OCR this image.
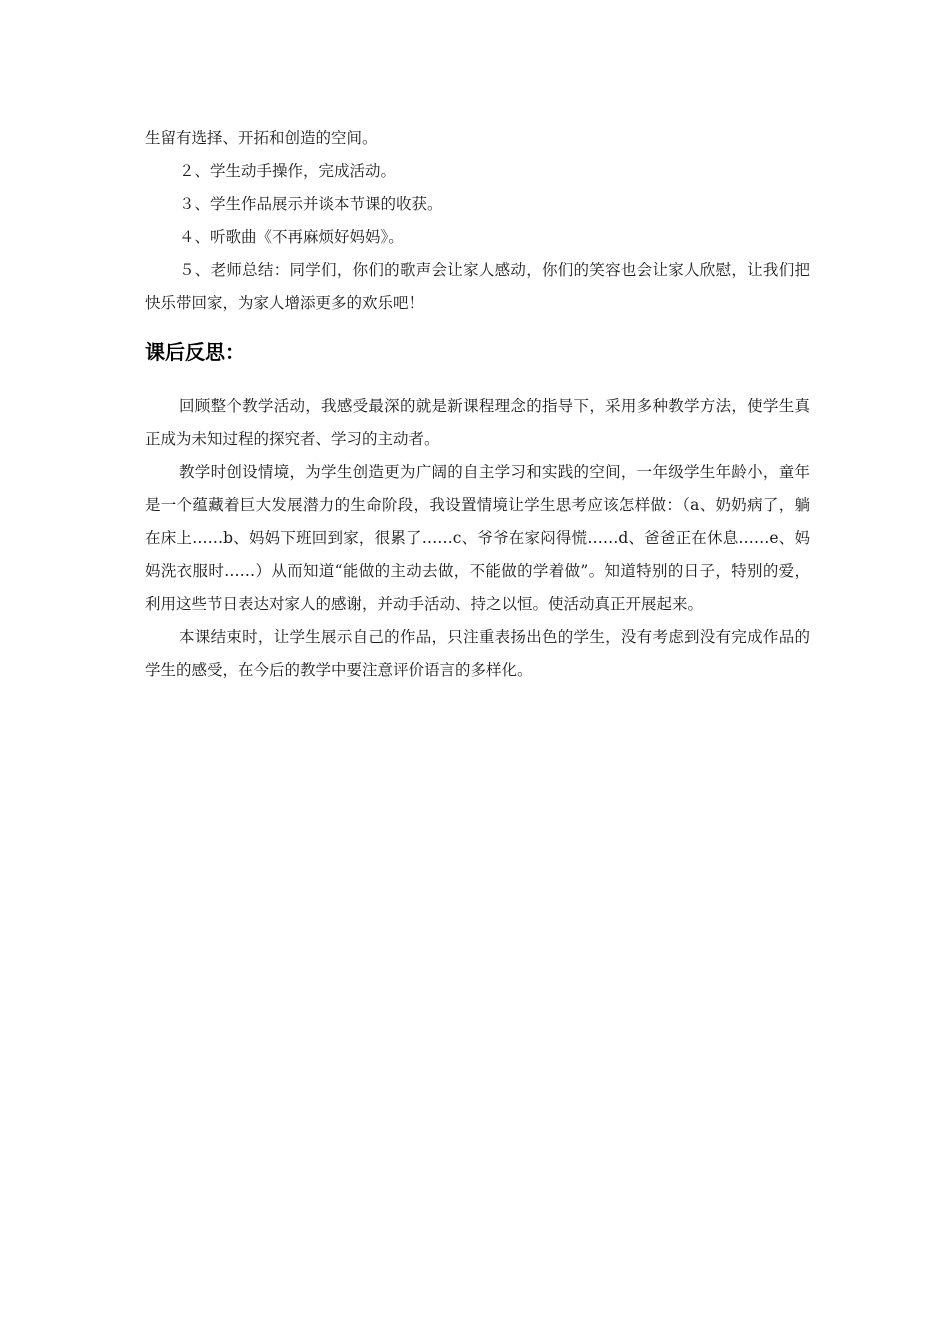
生留有选择、开拓和创造的空间。

２、学生动手操作，完成活动。

３、学生作品展示并谈本节课的收获。

４、听歌曲《不再麻烦好妈妈》。

５、老师总结：同学们，你们的歌声会让家人感动，你们的笑容也会让家人欣慰，让我们把快乐带回家，为家人增添更多的欢乐吧！

课后反思：

回顾整个教学活动，我感受最深的就是新课程理念的指导下，采用多种教学方法，使学生真正成为未知过程的探究者、学习的主动者。

教学时创设情境，为学生创造更为广阔的自主学习和实践的空间，一年级学生年龄小，童年是一个蕴藏着巨大发展潜力的生命阶段，我设置情境让学生思考应该怎样做：（a、奶奶病了，躺在床上……b、妈妈下班回到家，很累了……c、爷爷在家闷得慌……d、爸爸正在休息……e、妈妈洗衣服时……）从而知道“能做的主动去做，不能做的学着做”。知道特别的日子，特别的爱，利用这些节日表达对家人的感谢，并动手活动、持之以恒。使活动真正开展起来。

本课结束时，让学生展示自己的作品，只注重表扬出色的学生，没有考虑到没有完成作品的学生的感受，在今后的教学中要注意评价语言的多样化。
